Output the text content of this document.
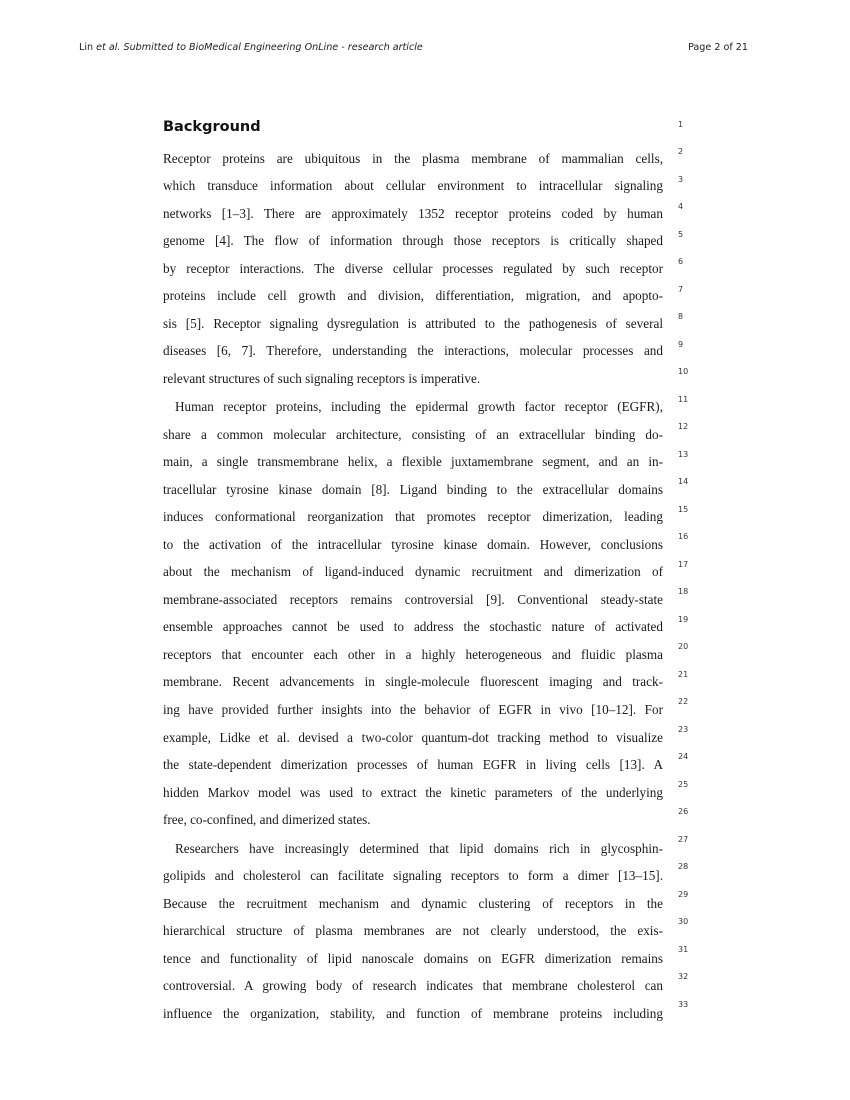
Lin et al. Submitted to BioMedical Engineering OnLine - research article	Page 2 of 21
Background
Receptor proteins are ubiquitous in the plasma membrane of mammalian cells,
which transduce information about cellular environment to intracellular signaling
networks [1–3]. There are approximately 1352 receptor proteins coded by human
genome [4]. The flow of information through those receptors is critically shaped
by receptor interactions. The diverse cellular processes regulated by such receptor
proteins include cell growth and division, differentiation, migration, and apopto-
sis [5]. Receptor signaling dysregulation is attributed to the pathogenesis of several
diseases [6, 7]. Therefore, understanding the interactions, molecular processes and
relevant structures of such signaling receptors is imperative.
Human receptor proteins, including the epidermal growth factor receptor (EGFR),
share a common molecular architecture, consisting of an extracellular binding do-
main, a single transmembrane helix, a flexible juxtamembrane segment, and an in-
tracellular tyrosine kinase domain [8]. Ligand binding to the extracellular domains
induces conformational reorganization that promotes receptor dimerization, leading
to the activation of the intracellular tyrosine kinase domain. However, conclusions
about the mechanism of ligand-induced dynamic recruitment and dimerization of
membrane-associated receptors remains controversial [9]. Conventional steady-state
ensemble approaches cannot be used to address the stochastic nature of activated
receptors that encounter each other in a highly heterogeneous and fluidic plasma
membrane. Recent advancements in single-molecule fluorescent imaging and track-
ing have provided further insights into the behavior of EGFR in vivo [10–12]. For
example, Lidke et al. devised a two-color quantum-dot tracking method to visualize
the state-dependent dimerization processes of human EGFR in living cells [13]. A
hidden Markov model was used to extract the kinetic parameters of the underlying
free, co-confined, and dimerized states.
Researchers have increasingly determined that lipid domains rich in glycosphin-
golipids and cholesterol can facilitate signaling receptors to form a dimer [13–15].
Because the recruitment mechanism and dynamic clustering of receptors in the
hierarchical structure of plasma membranes are not clearly understood, the exis-
tence and functionality of lipid nanoscale domains on EGFR dimerization remains
controversial. A growing body of research indicates that membrane cholesterol can
influence the organization, stability, and function of membrane proteins including
1
2
3
4
5
6
7
8
9
10
11
12
13
14
15
16
17
18
19
20
21
22
23
24
25
26
27
28
29
30
31
32
33
